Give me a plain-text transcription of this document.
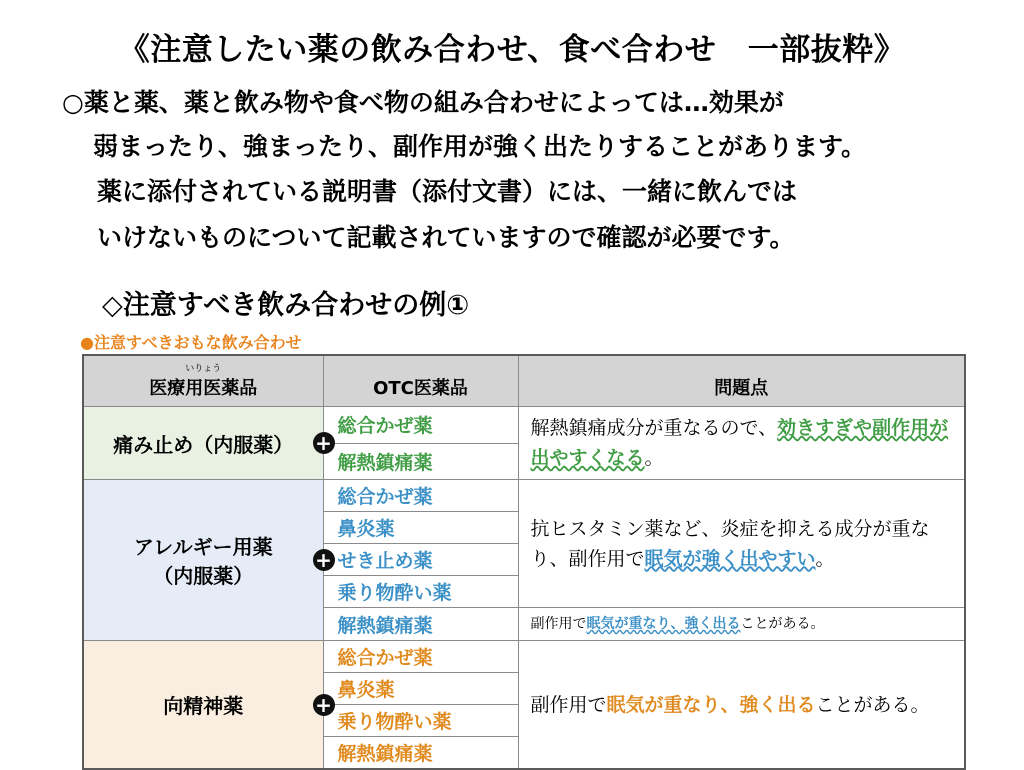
《注意したい薬の飲み合わせ、食べ合わせ　一部抜粋》
○薬と薬、薬と飲み物や食べ物の組み合わせによっては…効果が
弱まったり、強まったり、副作用が強く出たりすることがあります。
薬に添付されている説明書（添付文書）には、一緒に飲んでは
いけないものについて記載されていますので確認が必要です。
◇注意すべき飲み合わせの例①
●注意すべきおもな飲み合わせ
いりょう
医療用医薬品	OTC医薬品	問題点
痛み止め（内服薬） +	総合かぜ薬	解熱鎮痛成分が重なるので、効きすぎや副作用が出やすくなる。
	解熱鎮痛薬	
アレルギー用薬
（内服薬）
+	総合かぜ薬	抗ヒスタミン薬など、炎症を抑える成分が重なり、副作用で眠気が強く出やすい。
	鼻炎薬	
	せき止め薬	
	乗り物酔い薬	
	解熱鎮痛薬	副作用で眠気が重なり、強く出ることがある。
向精神薬 +	総合かぜ薬	副作用で眠気が重なり、強く出ることがある。
	鼻炎薬	
	乗り物酔い薬	
	解熱鎮痛薬	
